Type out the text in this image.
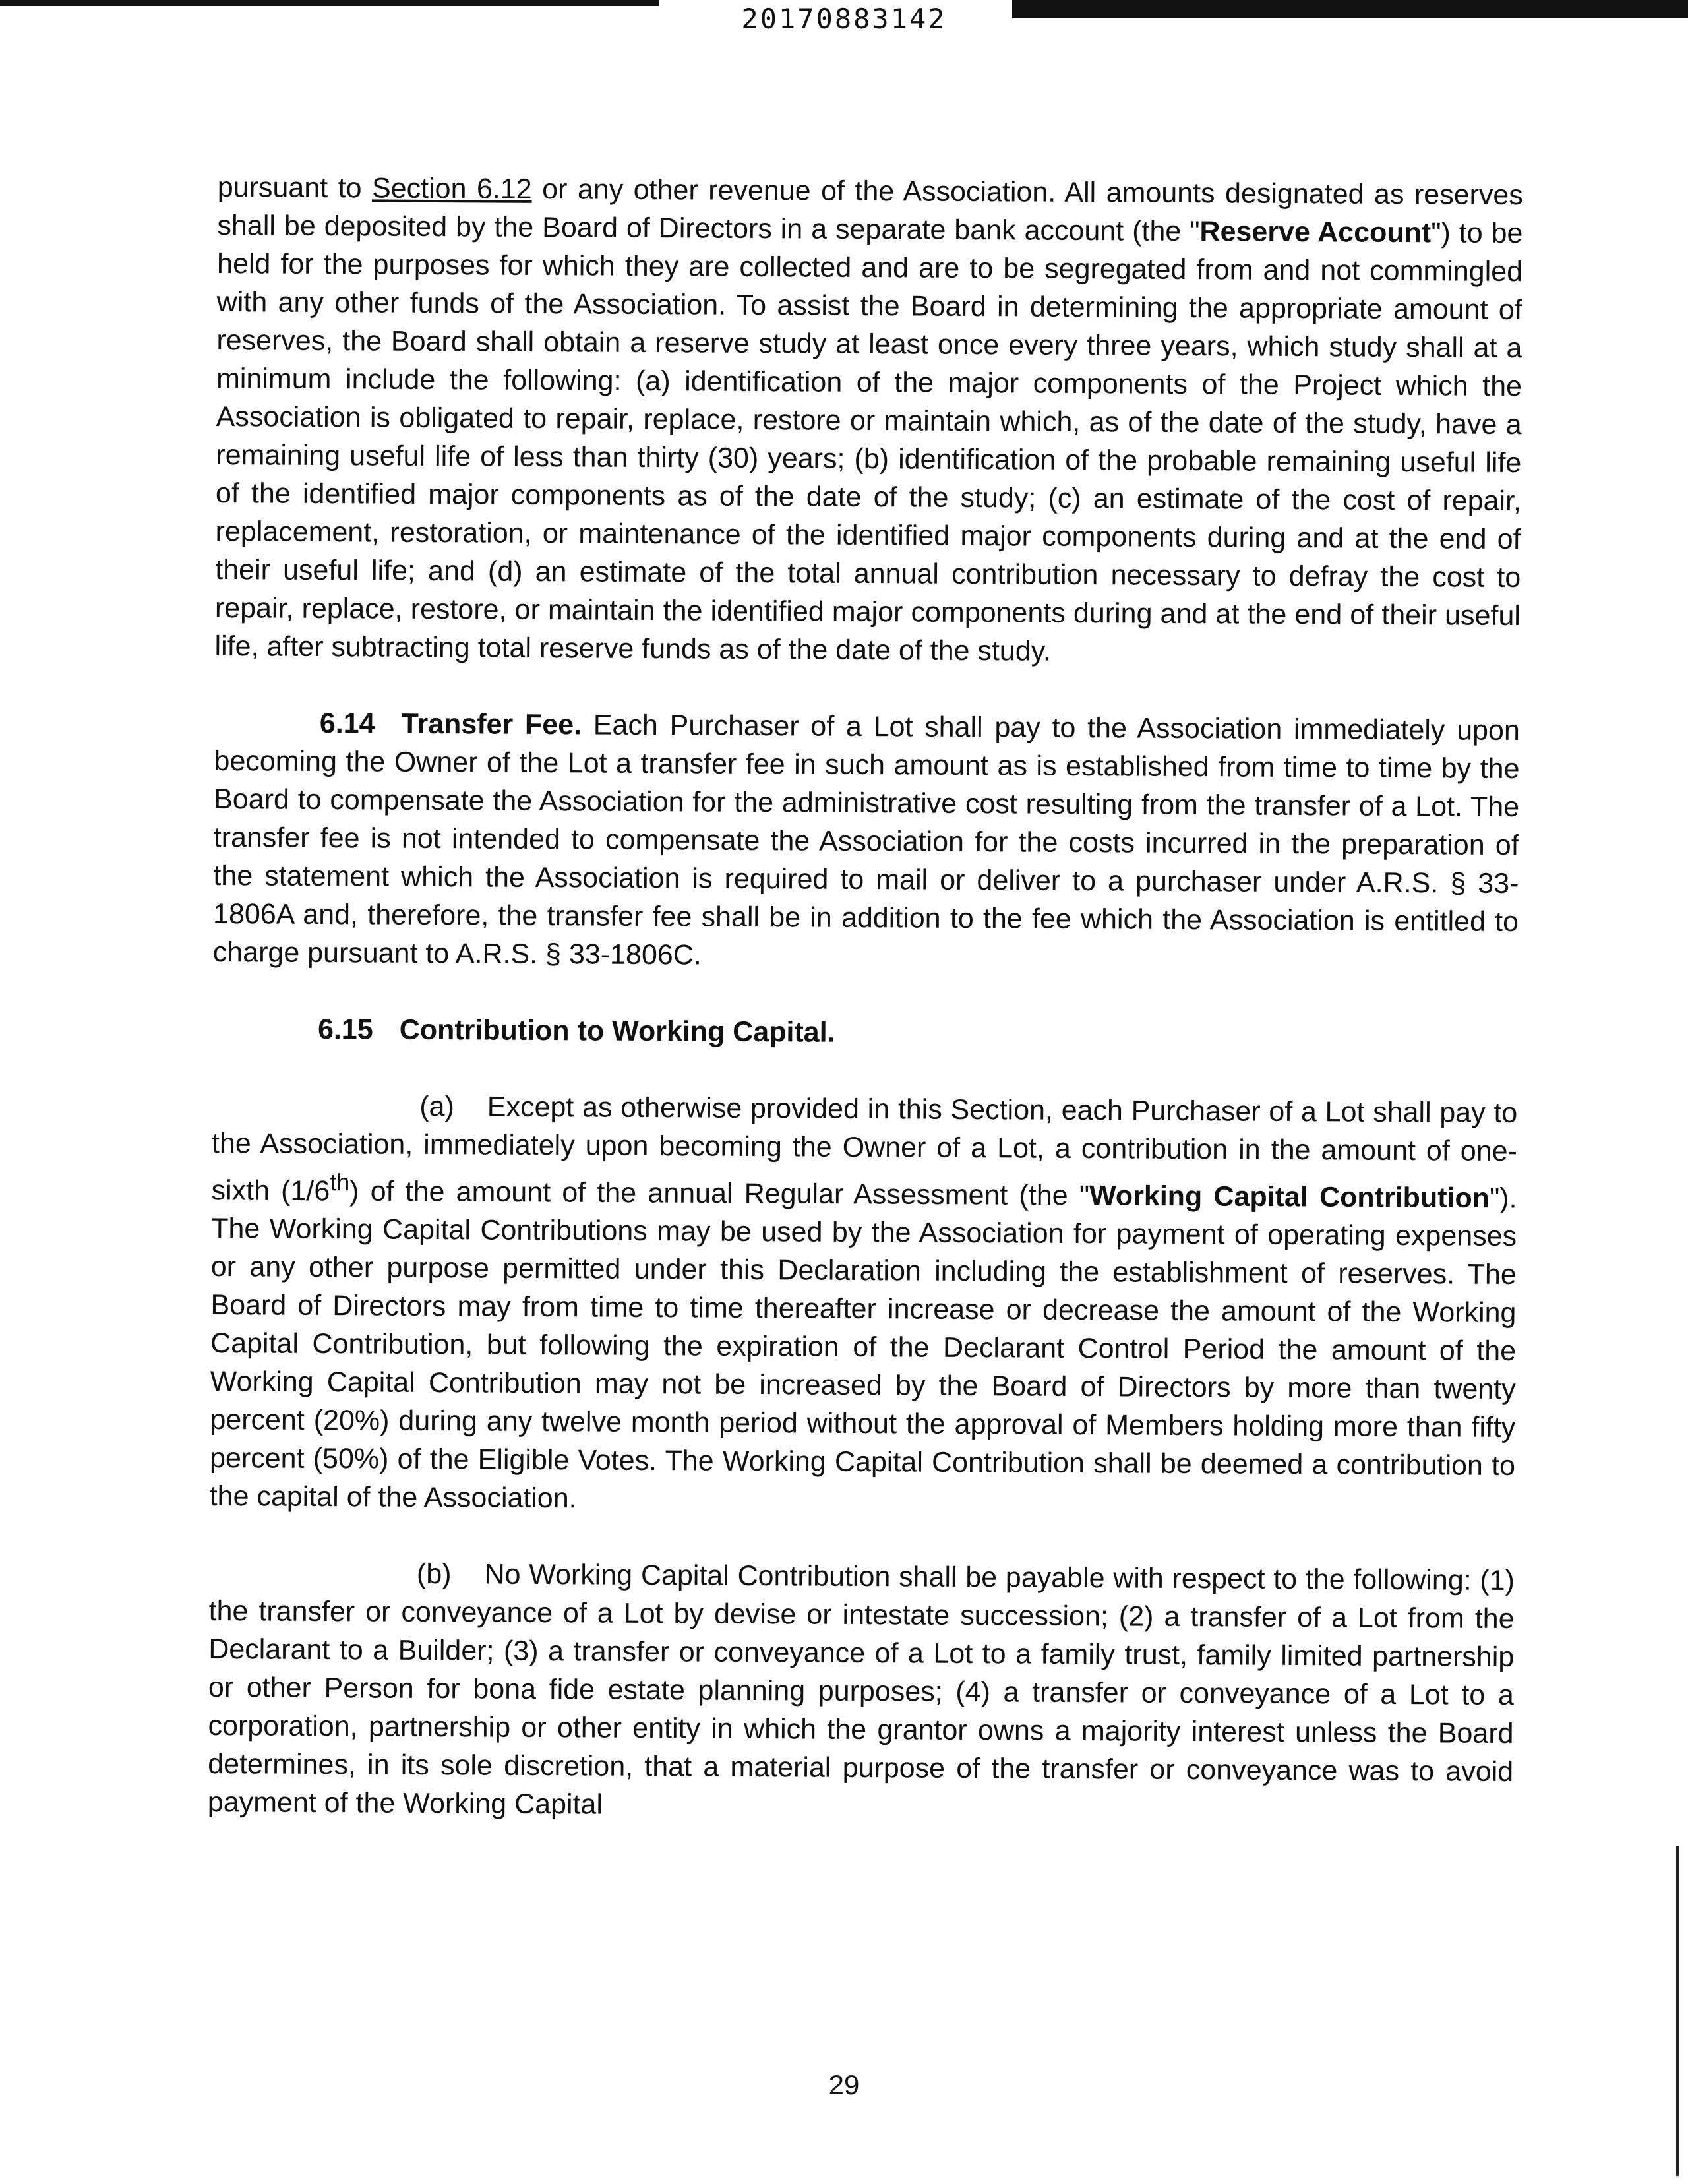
20170883142

pursuant to Section 6.12 or any other revenue of the Association. All amounts designated as reserves shall be deposited by the Board of Directors in a separate bank account (the "Reserve Account") to be held for the purposes for which they are collected and are to be segregated from and not commingled with any other funds of the Association. To assist the Board in determining the appropriate amount of reserves, the Board shall obtain a reserve study at least once every three years, which study shall at a minimum include the following: (a) identification of the major components of the Project which the Association is obligated to repair, replace, restore or maintain which, as of the date of the study, have a remaining useful life of less than thirty (30) years; (b) identification of the probable remaining useful life of the identified major components as of the date of the study; (c) an estimate of the cost of repair, replacement, restoration, or maintenance of the identified major components during and at the end of their useful life; and (d) an estimate of the total annual contribution necessary to defray the cost to repair, replace, restore, or maintain the identified major components during and at the end of their useful life, after subtracting total reserve funds as of the date of the study.

6.14 Transfer Fee. Each Purchaser of a Lot shall pay to the Association immediately upon becoming the Owner of the Lot a transfer fee in such amount as is established from time to time by the Board to compensate the Association for the administrative cost resulting from the transfer of a Lot. The transfer fee is not intended to compensate the Association for the costs incurred in the preparation of the statement which the Association is required to mail or deliver to a purchaser under A.R.S. § 33-1806A and, therefore, the transfer fee shall be in addition to the fee which the Association is entitled to charge pursuant to A.R.S. § 33-1806C.

6.15 Contribution to Working Capital.

(a) Except as otherwise provided in this Section, each Purchaser of a Lot shall pay to the Association, immediately upon becoming the Owner of a Lot, a contribution in the amount of one-sixth (1/6th) of the amount of the annual Regular Assessment (the "Working Capital Contribution"). The Working Capital Contributions may be used by the Association for payment of operating expenses or any other purpose permitted under this Declaration including the establishment of reserves. The Board of Directors may from time to time thereafter increase or decrease the amount of the Working Capital Contribution, but following the expiration of the Declarant Control Period the amount of the Working Capital Contribution may not be increased by the Board of Directors by more than twenty percent (20%) during any twelve month period without the approval of Members holding more than fifty percent (50%) of the Eligible Votes. The Working Capital Contribution shall be deemed a contribution to the capital of the Association.

(b) No Working Capital Contribution shall be payable with respect to the following: (1) the transfer or conveyance of a Lot by devise or intestate succession; (2) a transfer of a Lot from the Declarant to a Builder; (3) a transfer or conveyance of a Lot to a family trust, family limited partnership or other Person for bona fide estate planning purposes; (4) a transfer or conveyance of a Lot to a corporation, partnership or other entity in which the grantor owns a majority interest unless the Board determines, in its sole discretion, that a material purpose of the transfer or conveyance was to avoid payment of the Working Capital

29
